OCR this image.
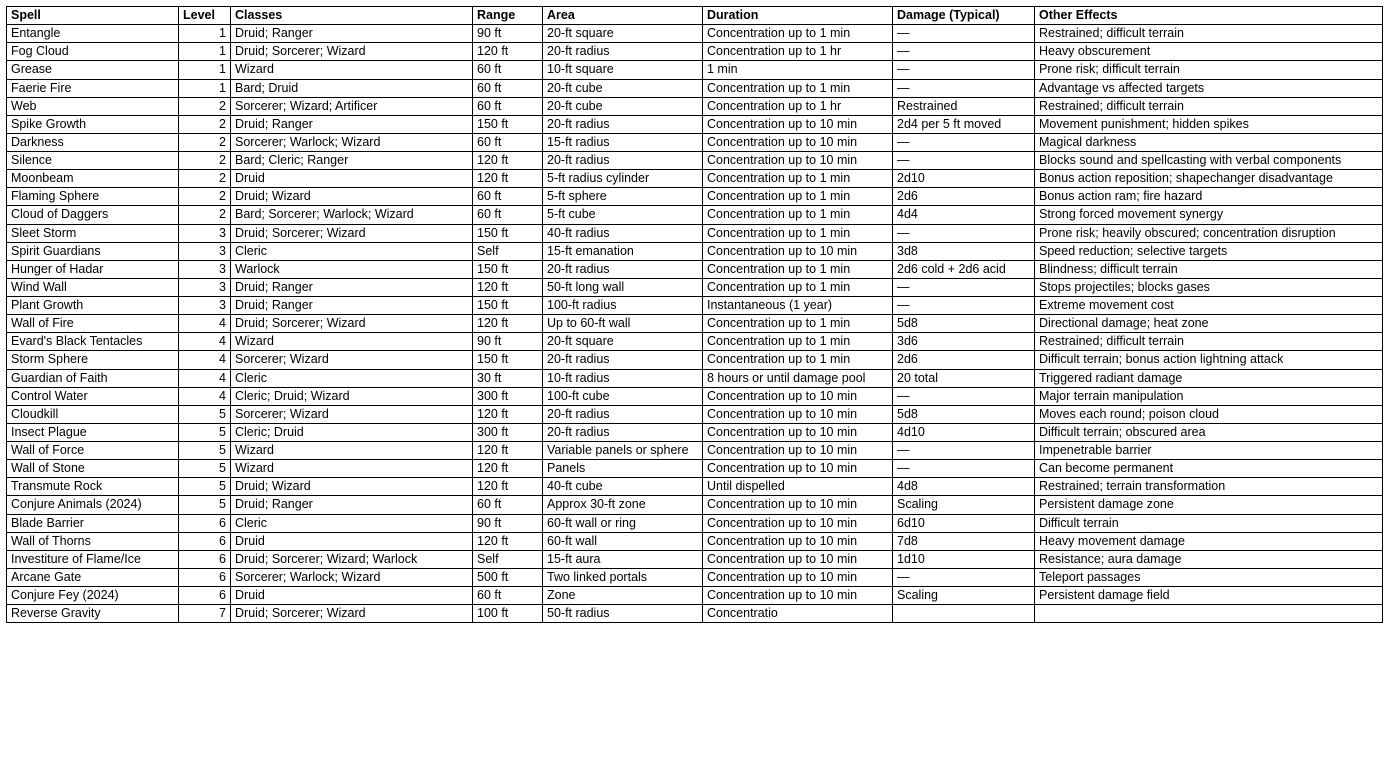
Spell	Level	Classes	Range	Area	Duration	Damage (Typical)	Other Effects
Entangle	1	Druid; Ranger	90 ft	20-ft square	Concentration up to 1 min	—	Restrained; difficult terrain
Fog Cloud	1	Druid; Sorcerer; Wizard	120 ft	20-ft radius	Concentration up to 1 hr	—	Heavy obscurement
Grease	1	Wizard	60 ft	10-ft square	1 min	—	Prone risk; difficult terrain
Faerie Fire	1	Bard; Druid	60 ft	20-ft cube	Concentration up to 1 min	—	Advantage vs affected targets
Web	2	Sorcerer; Wizard; Artificer	60 ft	20-ft cube	Concentration up to 1 hr	Restrained	Restrained; difficult terrain
Spike Growth	2	Druid; Ranger	150 ft	20-ft radius	Concentration up to 10 min	2d4 per 5 ft moved	Movement punishment; hidden spikes
Darkness	2	Sorcerer; Warlock; Wizard	60 ft	15-ft radius	Concentration up to 10 min	—	Magical darkness
Silence	2	Bard; Cleric; Ranger	120 ft	20-ft radius	Concentration up to 10 min	—	Blocks sound and spellcasting with verbal components
Moonbeam	2	Druid	120 ft	5-ft radius cylinder	Concentration up to 1 min	2d10	Bonus action reposition; shapechanger disadvantage
Flaming Sphere	2	Druid; Wizard	60 ft	5-ft sphere	Concentration up to 1 min	2d6	Bonus action ram; fire hazard
Cloud of Daggers	2	Bard; Sorcerer; Warlock; Wizard	60 ft	5-ft cube	Concentration up to 1 min	4d4	Strong forced movement synergy
Sleet Storm	3	Druid; Sorcerer; Wizard	150 ft	40-ft radius	Concentration up to 1 min	—	Prone risk; heavily obscured; concentration disruption
Spirit Guardians	3	Cleric	Self	15-ft emanation	Concentration up to 10 min	3d8	Speed reduction; selective targets
Hunger of Hadar	3	Warlock	150 ft	20-ft radius	Concentration up to 1 min	2d6 cold + 2d6 acid	Blindness; difficult terrain
Wind Wall	3	Druid; Ranger	120 ft	50-ft long wall	Concentration up to 1 min	—	Stops projectiles; blocks gases
Plant Growth	3	Druid; Ranger	150 ft	100-ft radius	Instantaneous (1 year)	—	Extreme movement cost
Wall of Fire	4	Druid; Sorcerer; Wizard	120 ft	Up to 60-ft wall	Concentration up to 1 min	5d8	Directional damage; heat zone
Evard's Black Tentacles	4	Wizard	90 ft	20-ft square	Concentration up to 1 min	3d6	Restrained; difficult terrain
Storm Sphere	4	Sorcerer; Wizard	150 ft	20-ft radius	Concentration up to 1 min	2d6	Difficult terrain; bonus action lightning attack
Guardian of Faith	4	Cleric	30 ft	10-ft radius	8 hours or until damage pool	20 total	Triggered radiant damage
Control Water	4	Cleric; Druid; Wizard	300 ft	100-ft cube	Concentration up to 10 min	—	Major terrain manipulation
Cloudkill	5	Sorcerer; Wizard	120 ft	20-ft radius	Concentration up to 10 min	5d8	Moves each round; poison cloud
Insect Plague	5	Cleric; Druid	300 ft	20-ft radius	Concentration up to 10 min	4d10	Difficult terrain; obscured area
Wall of Force	5	Wizard	120 ft	Variable panels or sphere	Concentration up to 10 min	—	Impenetrable barrier
Wall of Stone	5	Wizard	120 ft	Panels	Concentration up to 10 min	—	Can become permanent
Transmute Rock	5	Druid; Wizard	120 ft	40-ft cube	Until dispelled	4d8	Restrained; terrain transformation
Conjure Animals (2024)	5	Druid; Ranger	60 ft	Approx 30-ft zone	Concentration up to 10 min	Scaling	Persistent damage zone
Blade Barrier	6	Cleric	90 ft	60-ft wall or ring	Concentration up to 10 min	6d10	Difficult terrain
Wall of Thorns	6	Druid	120 ft	60-ft wall	Concentration up to 10 min	7d8	Heavy movement damage
Investiture of Flame/Ice	6	Druid; Sorcerer; Wizard; Warlock	Self	15-ft aura	Concentration up to 10 min	1d10	Resistance; aura damage
Arcane Gate	6	Sorcerer; Warlock; Wizard	500 ft	Two linked portals	Concentration up to 10 min	—	Teleport passages
Conjure Fey (2024)	6	Druid	60 ft	Zone	Concentration up to 10 min	Scaling	Persistent damage field
Reverse Gravity	7	Druid; Sorcerer; Wizard	100 ft	50-ft radius	Concentratio		
